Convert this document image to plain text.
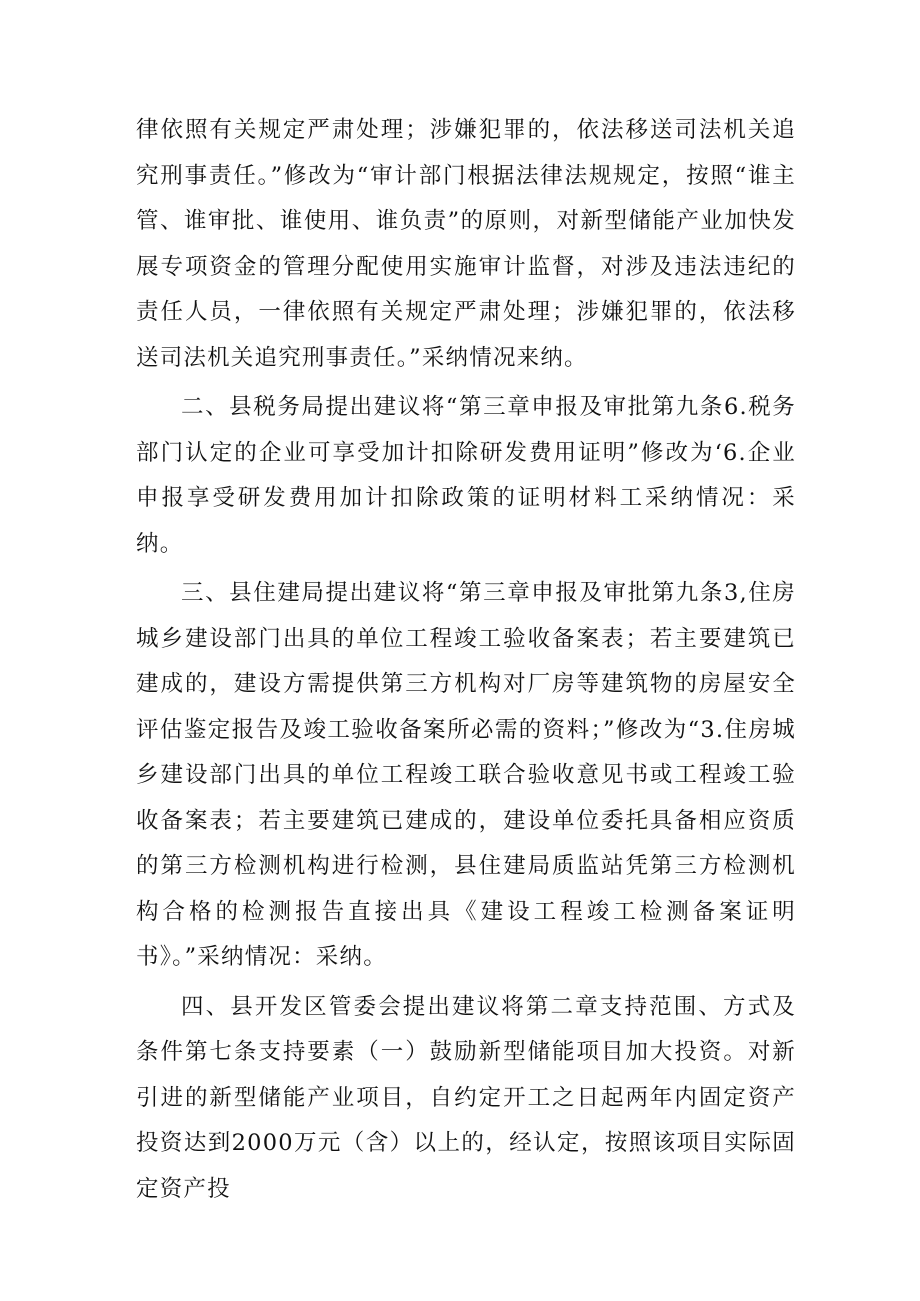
律依照有关规定严肃处理；涉嫌犯罪的，依法移送司法机关追究刑事责任。”修改为“审计部门根据法律法规规定，按照“谁主管、谁审批、谁使用、谁负责”的原则，对新型储能产业加快发展专项资金的管理分配使用实施审计监督，对涉及违法违纪的责任人员，一律依照有关规定严肃处理；涉嫌犯罪的，依法移送司法机关追究刑事责任。”采纳情况来纳。

二、县税务局提出建议将“第三章申报及审批第九条6.税务部门认定的企业可享受加计扣除研发费用证明”修改为‘6.企业申报享受研发费用加计扣除政策的证明材料工采纳情况：采纳。

三、县住建局提出建议将“第三章申报及审批第九条3,住房城乡建设部门出具的单位工程竣工验收备案表；若主要建筑已建成的，建设方需提供第三方机构对厂房等建筑物的房屋安全评估鉴定报告及竣工验收备案所必需的资料；”修改为“3.住房城乡建设部门出具的单位工程竣工联合验收意见书或工程竣工验收备案表；若主要建筑已建成的，建设单位委托具备相应资质的第三方检测机构进行检测，县住建局质监站凭第三方检测机构合格的检测报告直接出具《建设工程竣工检测备案证明书》。”采纳情况：采纳。

四、县开发区管委会提出建议将第二章支持范围、方式及条件第七条支持要素（一）鼓励新型储能项目加大投资。对新引进的新型储能产业项目，自约定开工之日起两年内固定资产投资达到2000万元（含）以上的，经认定，按照该项目实际固定资产投
